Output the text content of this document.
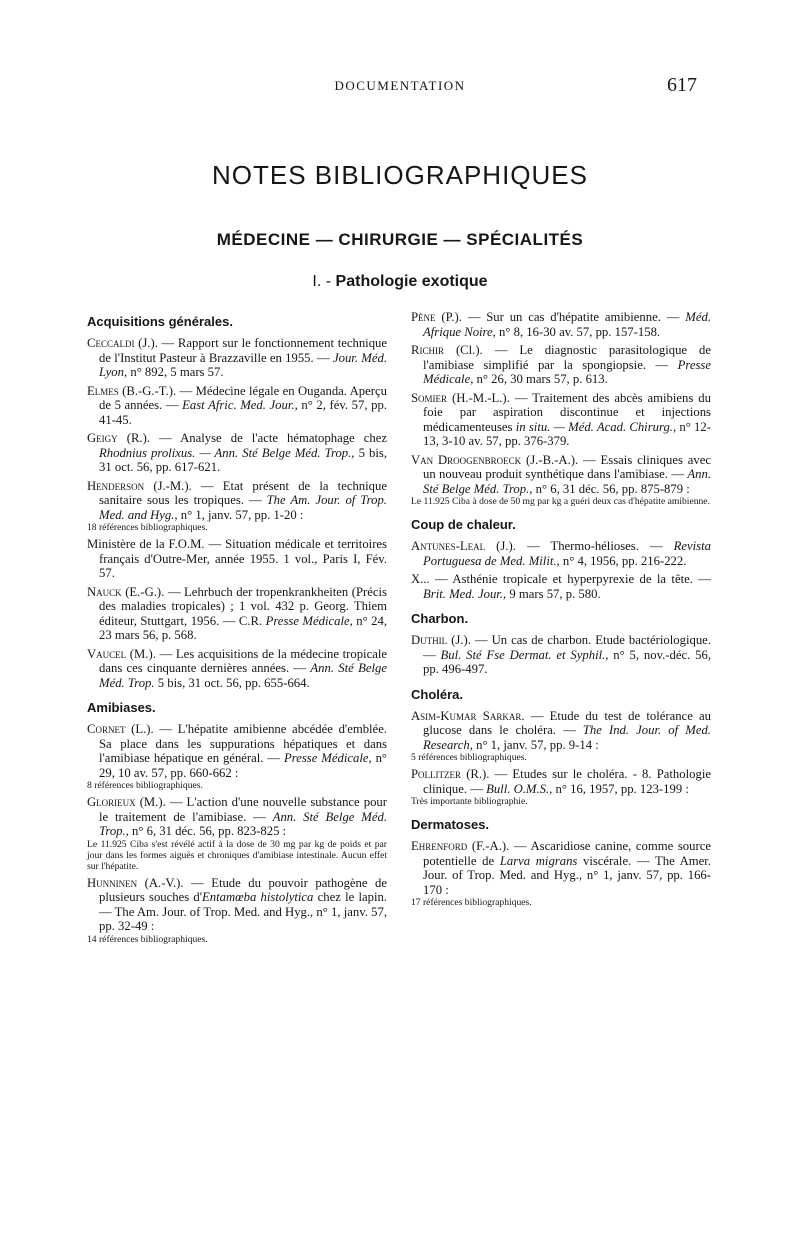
DOCUMENTATION	617
NOTES BIBLIOGRAPHIQUES
MÉDECINE — CHIRURGIE — SPÉCIALITÉS
I. - Pathologie exotique
Acquisitions générales.

Ceccaldi (J.). — Rapport sur le fonctionnement technique de l'Institut Pasteur à Brazzaville en 1955. — Jour. Méd. Lyon, n° 892, 5 mars 57.

Elmes (B.-G.-T.). — Médecine légale en Ouganda. Aperçu de 5 années. — East Afric. Med. Jour., n° 2, fév. 57, pp. 41-45.

Geigy (R.). — Analyse de l'acte hématophage chez Rhodnius prolixus. — Ann. Sté Belge Méd. Trop., 5 bis, 31 oct. 56, pp. 617-621.

Henderson (J.-M.). — Etat présent de la technique sanitaire sous les tropiques. — The Am. Jour. of Trop. Med. and Hyg., n° 1, janv. 57, pp. 1-20 :

18 références bibliographiques.

Ministère de la F.O.M. — Situation médicale et territoires français d'Outre-Mer, année 1955. 1 vol., Paris I, Fév. 57.

Nauck (E.-G.). — Lehrbuch der tropenkrankheiten (Précis des maladies tropicales) ; 1 vol. 432 p. Georg. Thiem éditeur, Stuttgart, 1956. — C.R. Presse Médicale, n° 24, 23 mars 56, p. 568.

Vaucel (M.). — Les acquisitions de la médecine tropicale dans ces cinquante dernières années. — Ann. Sté Belge Méd. Trop. 5 bis, 31 oct. 56, pp. 655-664.

Amibiases.

Cornet (L.). — L'hépatite amibienne abcédée d'emblée. Sa place dans les suppurations hépatiques et dans l'amibiase hépatique en général. — Presse Médicale, n° 29, 10 av. 57, pp. 660-662 :

8 références bibliographiques.

Glorieux (M.). — L'action d'une nouvelle substance pour le traitement de l'amibiase. — Ann. Sté Belge Méd. Trop., n° 6, 31 déc. 56, pp. 823-825 :

Le 11.925 Ciba s'est révélé actif à la dose de 30 mg par kg de poids et par jour dans les formes aiguës et chroniques d'amibiase intestinale. Aucun effet sur l'hépatite.

Hunninen (A.-V.). — Etude du pouvoir pathogène de plusieurs souches d'Entamœba histolytica chez le lapin. — The Am. Jour. of Trop. Med. and Hyg., n° 1, janv. 57, pp. 32-49 :

14 références bibliographiques.

Pène (P.). — Sur un cas d'hépatite amibienne. — Méd. Afrique Noire, n° 8, 16-30 av. 57, pp. 157-158.

Richir (Cl.). — Le diagnostic parasitologique de l'amibiase simplifié par la spongiopsie. — Presse Médicale, n° 26, 30 mars 57, p. 613.

Somier (H.-M.-L.). — Traitement des abcès amibiens du foie par aspiration discontinue et injections médicamenteuses in situ. — Méd. Acad. Chirurg., n° 12-13, 3-10 av. 57, pp. 376-379.

Van Droogenbroeck (J.-B.-A.). — Essais cliniques avec un nouveau produit synthétique dans l'amibiase. — Ann. Sté Belge Méd. Trop., n° 6, 31 déc. 56, pp. 875-879 :

Le 11.925 Ciba à dose de 50 mg par kg a guéri deux cas d'hépatite amibienne.
Coup de chaleur.

Antunes-Leal (J.). — Thermo-hélioses. — Revista Portuguesa de Med. Milit., n° 4, 1956, pp. 216-222.

X... — Asthénie tropicale et hyperpyrexie de la tête. — Brit. Med. Jour., 9 mars 57, p. 580.

Charbon.

Duthil (J.). — Un cas de charbon. Etude bactériologique. — Bul. Sté Fse Dermat. et Syphil., n° 5, nov.-déc. 56, pp. 496-497.

Choléra.

Asim-Kumar Sarkar. — Etude du test de tolérance au glucose dans le choléra. — The Ind. Jour. of Med. Research, n° 1, janv. 57, pp. 9-14 :

5 références bibliographiques.

Pollitzer (R.). — Etudes sur le choléra. - 8. Pathologie clinique. — Bull. O.M.S., n° 16, 1957, pp. 123-199 :

Très importante bibliographie.
Dermatoses.

Ehrenford (F.-A.). — Ascaridiose canine, comme source potentielle de Larva migrans viscérale. — The Amer. Jour. of Trop. Med. and Hyg., n° 1, janv. 57, pp. 166-170 :

17 références bibliographiques.
